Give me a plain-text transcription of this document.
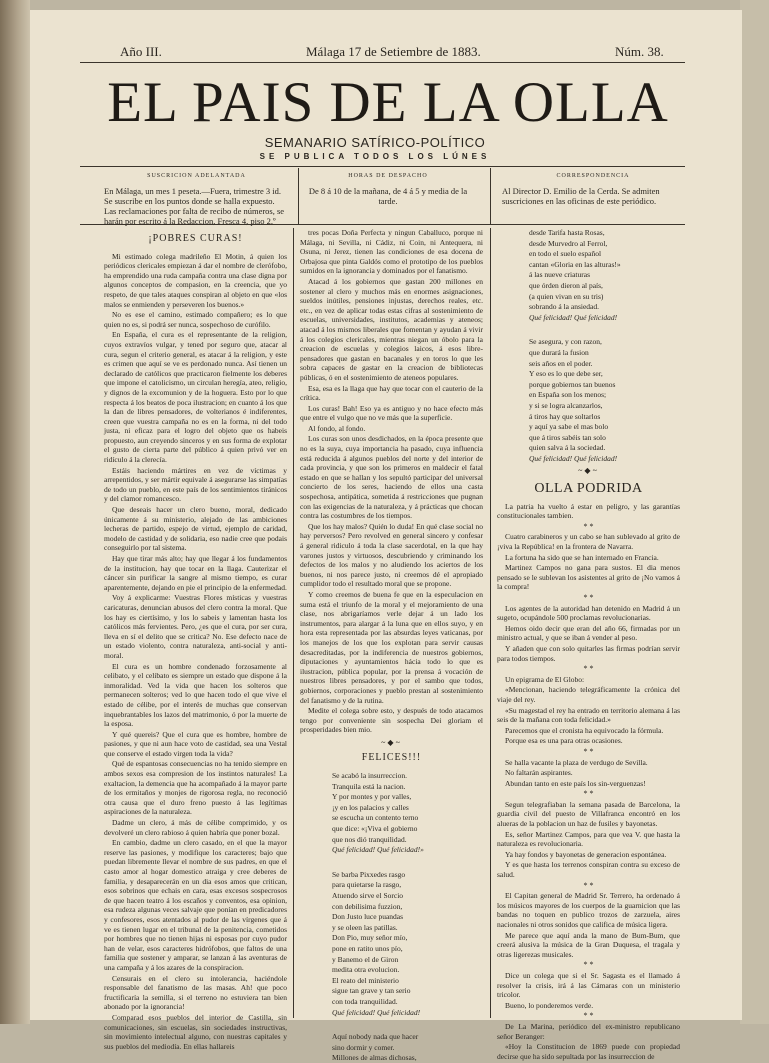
Año III.	Málaga 17 de Setiembre de 1883.	Núm. 38.
EL PAIS DE LA OLLA
SEMANARIO SATÍRICO-POLÍTICO
SE PUBLICA TODOS LOS LÚNES
SUSCRICION ADELANTADA
En Málaga, un mes 1 peseta.—Fuera, trimestre 3 id. Se suscribe en los puntos donde se halla expuesto. Las reclamaciones por falta de recibo de números, se harán por escrito á la Redaccion, Fresca 4, piso 2.º
HORAS DE DESPACHO
De 8 á 10 de la mañana, de 4 á 5 y media de la tarde.
CORRESPONDENCIA
Al Director D. Emilio de la Cerda. Se admiten suscriciones en las oficinas de este periódico.
¡POBRES CURAS!

Mi estimado colega madrileño El Motin, á quien los periódicos clericales empiezan á dar el nombre de clerófobo, ha emprendido una ruda campaña contra una clase digna por algunos conceptos de compasion, en la creencia, que yo respeto, de que tales ataques conspiran al objeto en que «los malos se enmienden y perseveren los buenos.»

No es ese el camino, estimado compañero; es lo que quien no es, si podrá ser nunca, sospechoso de curófilo.

En España, el cura es el representante de la religion, cuyos extravíos vulgar, y tened por seguro que, atacar al cura, segun el criterio general, es atacar á la religion, y este es crimen que aquí se ve es perdonado nunca. Así tienen un declarado de católicos que practicaron fielmente los deberes que impone el catolicismo, un circulan heregía, ateo, religio, y dignos de la excomunion y de la hoguera. Esto por lo que respecta á los beatos de poca ilustracion; en cuanto á los que la dan de libres pensadores, de volterianos é indiferentes, creen que vuestra campaña no es en la forma, ni del todo justa, ni eficaz para el logro del objeto que os habeis propuesto, aun creyendo sinceros y en sus forma de explotar el gusto de cierta parte del público á quien privó ver en ridículo á la clerecía.

Estáis haciendo mártires en vez de víctimas y arrepentidos, y ser mártir equivale á asegurarse las simpatías de todo un pueblo, en este país de los sentimientos tiránicos y del clamor romancesco.

Que deseais hacer un clero bueno, moral, dedicado únicamente á su ministerio, alejado de las ambiciones lecheras de partido, espejo de virtud, ejemplo de caridad, modelo de castidad y de solidaria, eso nadie cree que podais conseguirlo por tal sistema.

Hay que tirar más alto; hay que llegar á los fundamentos de la institucion, hay que tocar en la llaga. Cauterizar el cáncer sin purificar la sangre al mismo tiempo, es curar aparentemente, dejando en pie el principio de la enfermedad.

Voy á explicarme: Vuestras Flores místicas y vuestras caricaturas, denuncian abusos del clero contra la moral. Que los hay es ciertísimo, y los lo sabeis y lamentan hasta los católicos más fervientes. Pero, ¿es que el cura, por ser cura, lleva en sí el delito que se critica? No. Ese defecto nace de un estado violento, contra naturaleza, anti-social y anti-moral.

El cura es un hombre condenado forzosamente al celibato, y el celibato es siempre un estado que dispone á la inmoralidad. Ved la vida que hacen los solteros que permanecen solteros; ved lo que hacen todo el que vive el estado de célibe, por el interés de muchas que conservan inquebrantables los lazos del matrimonio, ó por la muerte de la esposa.

Y qué quereis? Que el cura que es hombre, hombre de pasiones, y que ni aun hace voto de castidad, sea una Vestal que conserve el estado virgen toda la vida?

Qué de espantosas consecuencias no ha tenido siempre en ambos sexos esa compresion de los instintos naturales! La exaltacion, la demencia que ha acompañado á la mayor parte de los ermitaños y monjes de rigorosa regla, no reconoció otra causa que el duro freno puesto á las legítimas aspiraciones de la naturaleza.

Dadme un clero, á más de célibe comprimido, y os devolveré un clero rabioso á quien habría que poner bozal.

En cambio, dadme un clero casado, en el que la mayor reserve las pasiones, y modifique los caracteres; bajo que puedan libremente llevar el nombre de sus padres, en que el casto amor al hogar domestico atraiga y cree deberes de familia, y desaparecerán en un dia esos amos que critican, esos sobrinos que echais en cara, esas excesos sospecrosos de que hacen teatro á los escaños y conventos, esa opinion, esa rudeza algunas veces salvaje que ponían en predicadores y confesores, esos atentados al pudor de las vírgenes que á ve es tienen lugar en el tribunal de la penitencia, cometidos por hombres que no tienen hijas ni esposas por cuyo pudor han de velar, esos caracteres hidrófobos, que faltos de una familia que sostener y amparar, se lanzan á las aventuras de una campaña y á los azares de la conspiracion.

Censurais en el clero su intolerancia, haciéndole responsable del fanatismo de las masas. Ah! que poco fructificaría la semilla, si el terreno no estuviera tan bien abonado por la ignorancia!

Comparad esos pueblos del interior de Castilla, sin comunicaciones, sin escuelas, sin sociedades instructivas, sin movimiento intelectual alguno, con nuestras capitales y sus pueblos del mediodía. En ellas hallareis

tres pocas Doña Perfecta y ningun Caballuco, porque ni Málaga, ni Sevilla, ni Cádiz, ni Coin, ni Antequera, ni Osuna, ni Jerez, tienen las condiciones de esa docena de Orbajosa que pinta Galdós como el prototipo de los pueblos sumidos en la ignorancia y dominados por el fanatismo.

Atacad á los gobiernos que gastan 200 millones en sostener al clero y muchos más en enormes asignaciones, sueldos inútiles, pensiones injustas, derechos reales, etc. etc., en vez de aplicar todas estas cifras al sostenimiento de escuelas, universidades, institutos, academias y ateneos; atacad á los mismos liberales que fomentan y ayudan á vivir á los colegios clericales, mientras niegan un óbolo para la creacion de escuelas y colegios laicos, á esos libre-pensadores que gastan en bacanales y en toros lo que les sobra capaces de gastar en la creacion de bibliotecas públicas, ó en el sostenimiento de ateneos populares.

Esa, esa es la llaga que hay que tocar con el cauterio de la crítica.

Los curas! Bah! Eso ya es antiguo y no hace efecto más que entre el vulgo que no ve más que la superficie.

Al fondo, al fondo.

Los curas son unos desdichados, en la época presente que no es la suya, cuya importancia ha pasado, cuya influencia está reducida á algunos pueblos del norte y del interior de cada provincia, y que son los primeros en maldecir el fatal estado en que se hallan y los sepultó participar del universal concierto de los seres, haciendo de ellos una casta sospechosa, antipática, sometida á restricciones que pugnan con las exigencias de la naturaleza, y á prácticas que chocan contra las costumbres de los tiempos.

Que los hay malos? Quién lo duda! En qué clase social no hay perversos? Pero revolved en general sincero y confesar á general ridiculo á toda la clase sacerdotal, en la que hay varones justos y virtuosos, descubriendo y criminando los defectos de los malos y no aludiendo los aciertos de los buenos, ni nos parece justo, ni creemos dé el apropiado cumplidor todo el resultado moral que se propone.

Y como creemos de buena fe que en la especulacion en suma está el triunfo de la moral y el mejoramiento de una clase, nos abrigaríamos verle dejar á un lado los instrumentos, para alargar á la luna que en ellos suyo, y en hora esta representada por las absurdas leyes vaticanas, por los manejos de los que los explotan para servir causas desacreditadas, por la indiferencia de nuestros gobiernos, diputaciones y ayuntamientos hácia todo lo que es ilustracion, pública popular, por la prensa á vocación de nuestros libres pensadores, y por el sambo que todos, gobiernos, corporaciones y pueblo prestan al sostenimiento del fanatismo y de la rutina.

Medite el colega sobre esto, y después de todo atacamos tengo por conveniente sin sospecha Dei gloriam el prosperidades bien mio.

~◆~
FELICES!!!

Se acabó la insurreccion.

Tranquila está la nacion.

Y por montes y por valles,

¡y en los palacios y calles

se escucha un contento terno

que dice: «¡Viva el gobierno

que nos dió tranquilidad.

Qué felicidad! Qué felicidad!»

Se barba Pixxedes rasgo

para quietarse la rasgo,

Atuendo sirve el Sorcio

con debilisima fuzzion,

Don Justo luce puandas

y se oleen las patillas.

Don Pio, muy señor mío,

pone en ratito unos pío,

y Banemo el de Giron

medita otra evolucion.

El reato del ministerio

sigue tan grave y tan serio

con toda tranquilidad.

Qué felicidad! Qué felicidad!

Aquí nobody nada que hacer

sino dormir y comer.

Millones de almas dichosas,

desde Tarifa hasta Rosas,

desde Murvedro al Ferrol,

en todo el suelo español

cantan «Gloria en las alturas!»

á las nueve criaturas

que órden dieron al país,

(a quien vivan en su tris)

sobrando á la ansiedad.

Qué felicidad! Qué felicidad!

Se asegura, y con razon,

que durará la fusion

seis años en el poder.

Y eso es lo que debe ser,

porque gobiernos tan buenos

en España son los menos;

y si se logra alcanzarlos,

á tiros hay que soltarlos

y aquí ya sabe el mas bolo

que á tiros sabéis tan solo

quien salva á la sociedad.

Qué felicidad! Qué felicidad!

~◆~
OLLA PODRIDA

La patria ha vuelto á estar en peligro, y las garantías constitucionales tambien.

* *

Cuatro carabineros y un cabo se han sublevado al grito de ¡viva la República! en la frontera de Navarra.

La fortuna ha sido que se han internado en Francia.

Martinez Campos no gana para sustos. El dia menos pensado se le sublevan los asistentes al grito de ¡No vamos á la compra!

* *

Los agentes de la autoridad han detenido en Madrid á un sugeto, ocupándole 500 proclamas revolucionarias.

Hemos oido decir que eran del año 66, firmadas por un ministro actual, y que se iban á vender al peso.

Y añaden que con solo quitarles las firmas podrían servir para todos tiempos.

* *

Un epigrama de El Globo:

«Mencionan, haciendo telegráficamente la crónica del viaje del rey.

«Su magestad el rey ha entrado en territorio alemana á las seis de la mañana con toda felicidad.»

Parecemos que el cronista ha equivocado la fórmula.

Porque esa es una para otras ocasiones.

* *

Se halla vacante la plaza de verdugo de Sevilla.

No faltarán aspirantes.

Abundan tanto en este país los sin-verguenzas!

* *

Segun telegrafiaban la semana pasada de Barcelona, la guardia civil del puesto de Villafranca encontró en los alueras de la poblacion un haz de fusiles y bayonetas.

Es, señor Martinez Campos, para que vea V. que hasta la naturaleza es revolucionaria.

Ya hay fondos y bayonetas de generacion espontánea.

Y es que hasta los terrenos conspiran contra su exceso de salud.

* *

El Capitan general de Madrid Sr. Terrero, ha ordenado á los músicos mayores de los cuerpos de la guarnicion que las bandas no toquen en publico trozos de zarzuela, aires nacionales ni otros sonidos que califica de música ligera.

Me parece que aquí anda la mano de Bum-Bum, que creerá alusiva la música de la Gran Duquesa, el tragala y otras ligerezas musicales.

* *

Dice un colega que si el Sr. Sagasta es el llamado á resolver la crisis, irá á las Cámaras con un ministerio tricolor.

Bueno, lo ponderemos verde.

* *

De La Marina, periódico del ex-ministro republicano señor Beranger:

«Hoy la Constitucion de 1869 puede con propiedad decirse que ha sido sepultada por las insurreccion de
